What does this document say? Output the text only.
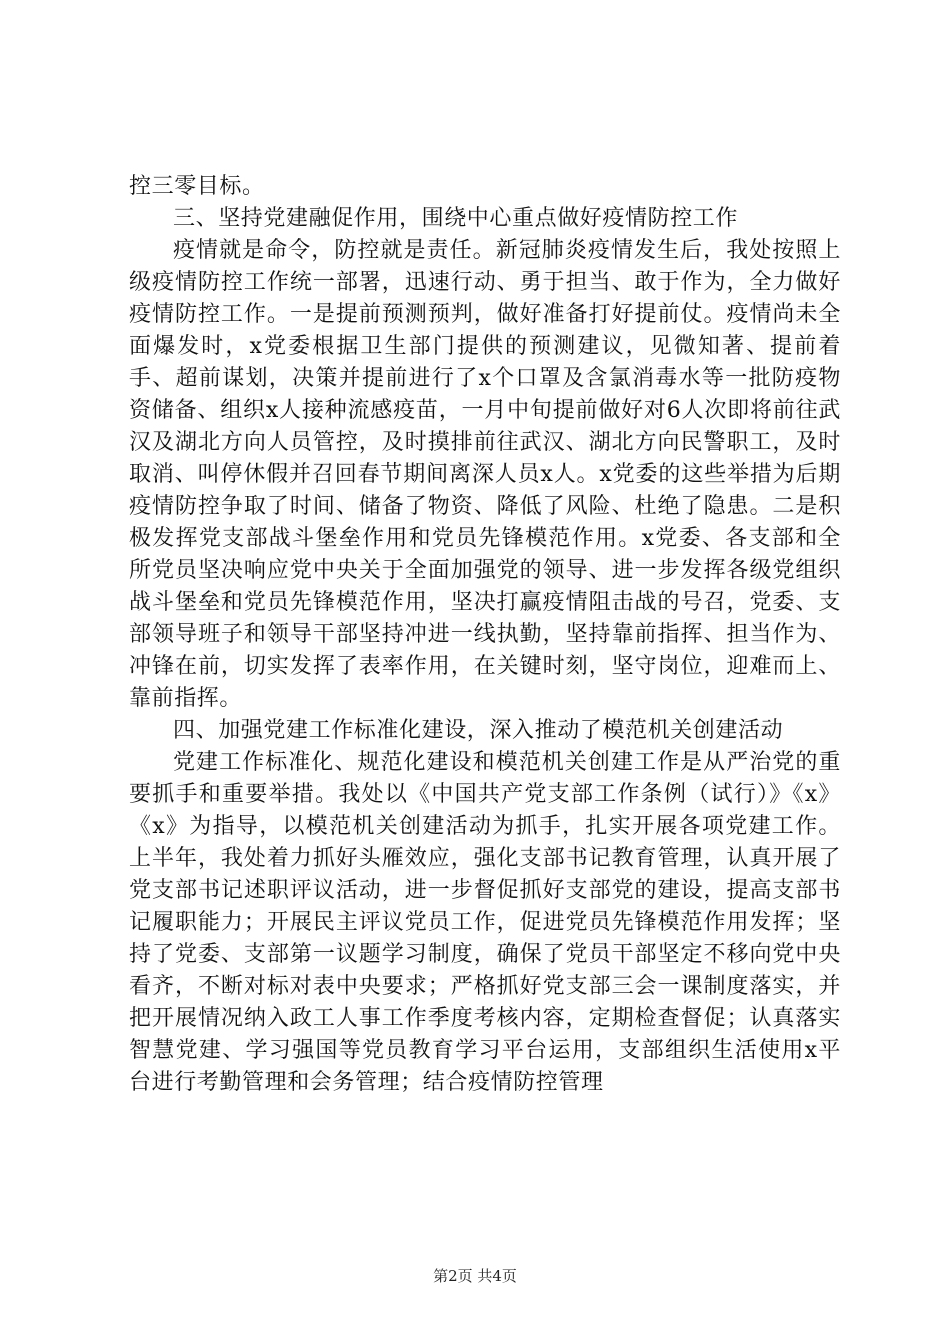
控三零目标。

三、坚持党建融促作用，围绕中心重点做好疫情防控工作

疫情就是命令，防控就是责任。新冠肺炎疫情发生后，我处按照上级疫情防控工作统一部署，迅速行动、勇于担当、敢于作为，全力做好疫情防控工作。一是提前预测预判，做好准备打好提前仗。疫情尚未全面爆发时，x党委根据卫生部门提供的预测建议，见微知著、提前着手、超前谋划，决策并提前进行了x个口罩及含氯消毒水等一批防疫物资储备、组织x人接种流感疫苗，一月中旬提前做好对6人次即将前往武汉及湖北方向人员管控，及时摸排前往武汉、湖北方向民警职工，及时取消、叫停休假并召回春节期间离深人员x人。x党委的这些举措为后期疫情防控争取了时间、储备了物资、降低了风险、杜绝了隐患。二是积极发挥党支部战斗堡垒作用和党员先锋模范作用。x党委、各支部和全所党员坚决响应党中央关于全面加强党的领导、进一步发挥各级党组织战斗堡垒和党员先锋模范作用，坚决打赢疫情阻击战的号召，党委、支部领导班子和领导干部坚持冲进一线执勤，坚持靠前指挥、担当作为、冲锋在前，切实发挥了表率作用，在关键时刻，坚守岗位，迎难而上、靠前指挥。

四、加强党建工作标准化建设，深入推动了模范机关创建活动

党建工作标准化、规范化建设和模范机关创建工作是从严治党的重要抓手和重要举措。我处以《中国共产党支部工作条例（试行）》《x》《x》为指导，以模范机关创建活动为抓手，扎实开展各项党建工作。上半年，我处着力抓好头雁效应，强化支部书记教育管理，认真开展了党支部书记述职评议活动，进一步督促抓好支部党的建设，提高支部书记履职能力；开展民主评议党员工作，促进党员先锋模范作用发挥；坚持了党委、支部第一议题学习制度，确保了党员干部坚定不移向党中央看齐，不断对标对表中央要求；严格抓好党支部三会一课制度落实，并把开展情况纳入政工人事工作季度考核内容，定期检查督促；认真落实智慧党建、学习强国等党员教育学习平台运用，支部组织生活使用x平台进行考勤管理和会务管理；结合疫情防控管理

第2页 共4页
